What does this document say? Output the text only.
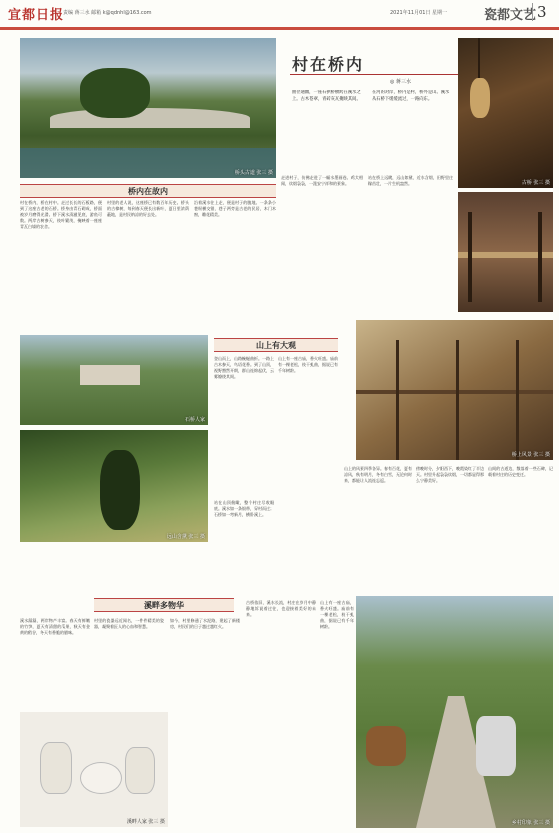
宜都日报
责编 蒋三水 邮箱 k@qdnhl@163.com	2021年11月01日 星期一	瓷都文艺 3
桥头古道 张三 摄
村在桥内
◎ 蒋三水
曲径通幽，一座石拱桥横跨在溪水之上。古木苍翠，青砖灰瓦掩映其间。
在河的对岸，桥内是村，桥外是山。溪水从石桥下缓缓流过，一路向东。
古桥 张三 摄
桥内在故内
村在桥内，桥在村中。走过长长的石板路，便到了这座古老的石桥。桥身由青石砌成，桥面被岁月磨得光滑。桥下溪水清澈见底，游鱼可数。两岸古树参天，枝叶繁茂，掩映着一座座青瓦白墙的农舍。
村里的老人说，这座桥已有数百年历史。桥头的古樟树，每到春天便长出新叶，夏日里浓荫蔽地，是村民纳凉的好去处。
沿着溪水往上走，便是村子的腹地。一条条小巷纵横交错，巷子两旁是古老的民居，木门木窗，雕花精美。
走进村子，仿佛走进了一幅水墨画卷。鸡犬相闻，炊烟袅袅，一派安宁祥和的景象。
站在桥上远眺，远山如黛，近水含烟，田野里庄稼茁壮，一片生机盎然。
石桥人家
远山含黛 张三 摄
山上有大观
登山而上，山路蜿蜒曲折。一路上古木参天，鸟语花香。到了山顶，视野豁然开朗，群山连绵起伏，云雾缭绕其间。
山上有一座古庙，香火旺盛。庙前有一棵老松，枝干虬曲，据说已有千年树龄。
站在山顶俯瞰，整个村庄尽收眼底。溪水如一条银带，穿村而过；石桥如一弯新月，横卧溪上。
桥上风景 张三 摄
山上的风景四季各异。春有百花，夏有凉风，秋有明月，冬有白雪，无论何时来，都能让人流连忘返。
傍晚时分，夕阳西下，晚霞染红了半边天。村里升起袅袅炊烟，一切都显得那么宁静美好。
山间的古道边，散落着一些石碑，记载着村庄的历史变迁。
溪畔多物华
溪水潺潺，两岸物产丰富。春天有鲜嫩的竹笋，夏天有清甜的瓜果，秋天有金黄的稻谷，冬天有香脆的腊味。
村里的瓷器远近闻名，一件件精美的瓷器，凝聚着匠人的心血和智慧。
如今，村里修通了水泥路，建起了新楼房，村民们的日子越过越红火。
古桥依旧，溪水长流，村庄在岁月中静静地诉说着过往，也迎接着美好的未来。
山上有一座古庙，香火旺盛。庙前有一棵老松，枝干虬曲，据说已有千年树龄。
溪畔人家 张三 摄	乡村印象 张三 摄
